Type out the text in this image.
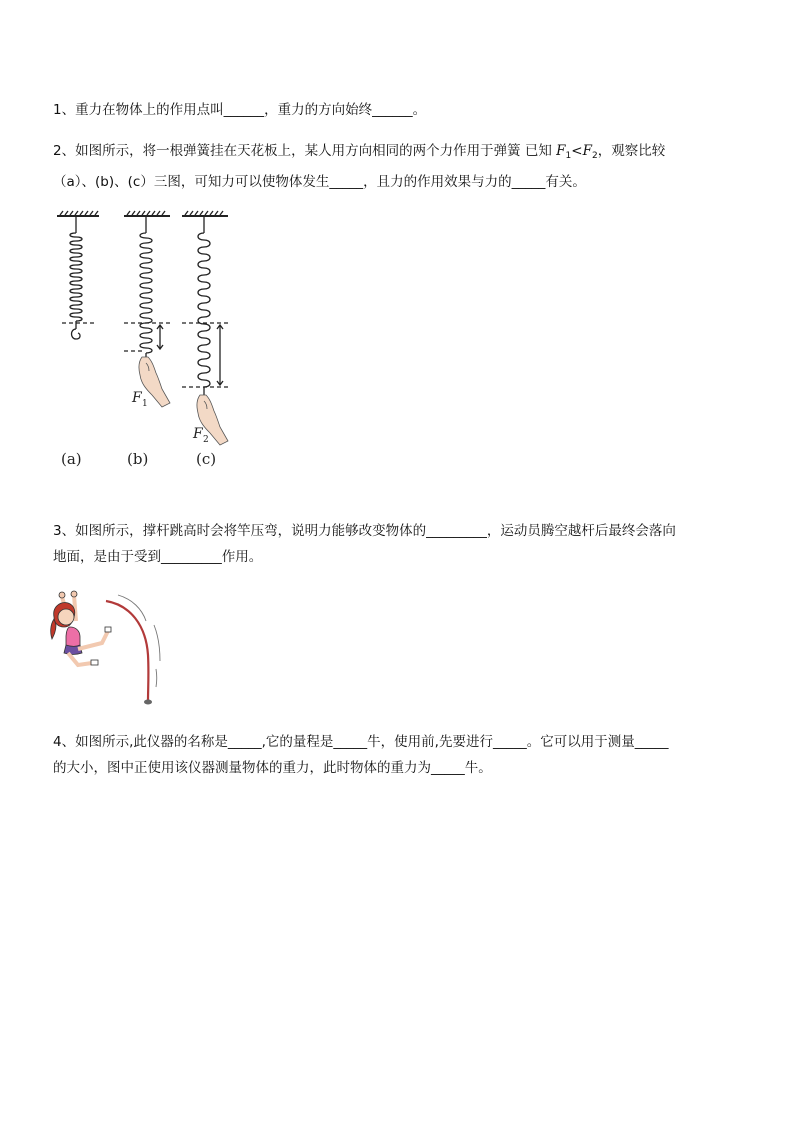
1、重力在物体上的作用点叫______，重力的方向始终______。
2、如图所示，将一根弹簧挂在天花板上，某人用方向相同的两个力作用于弹簧 已知 $F_1<F_2$，观察比较
（a）、(b)、(c）三图，可知力可以使物体发生_____，且力的作用效果与力的_____有关。
F 1
F 2
(a)	(b)	(c)
3、如图所示，撑杆跳高时会将竿压弯，说明力能够改变物体的_________，运动员腾空越杆后最终会落向
地面，是由于受到_________作用。
4、如图所示,此仪器的名称是_____,它的量程是_____牛，使用前,先要进行_____。它可以用于测量_____
的大小，图中正使用该仪器测量物体的重力，此时物体的重力为_____牛。
